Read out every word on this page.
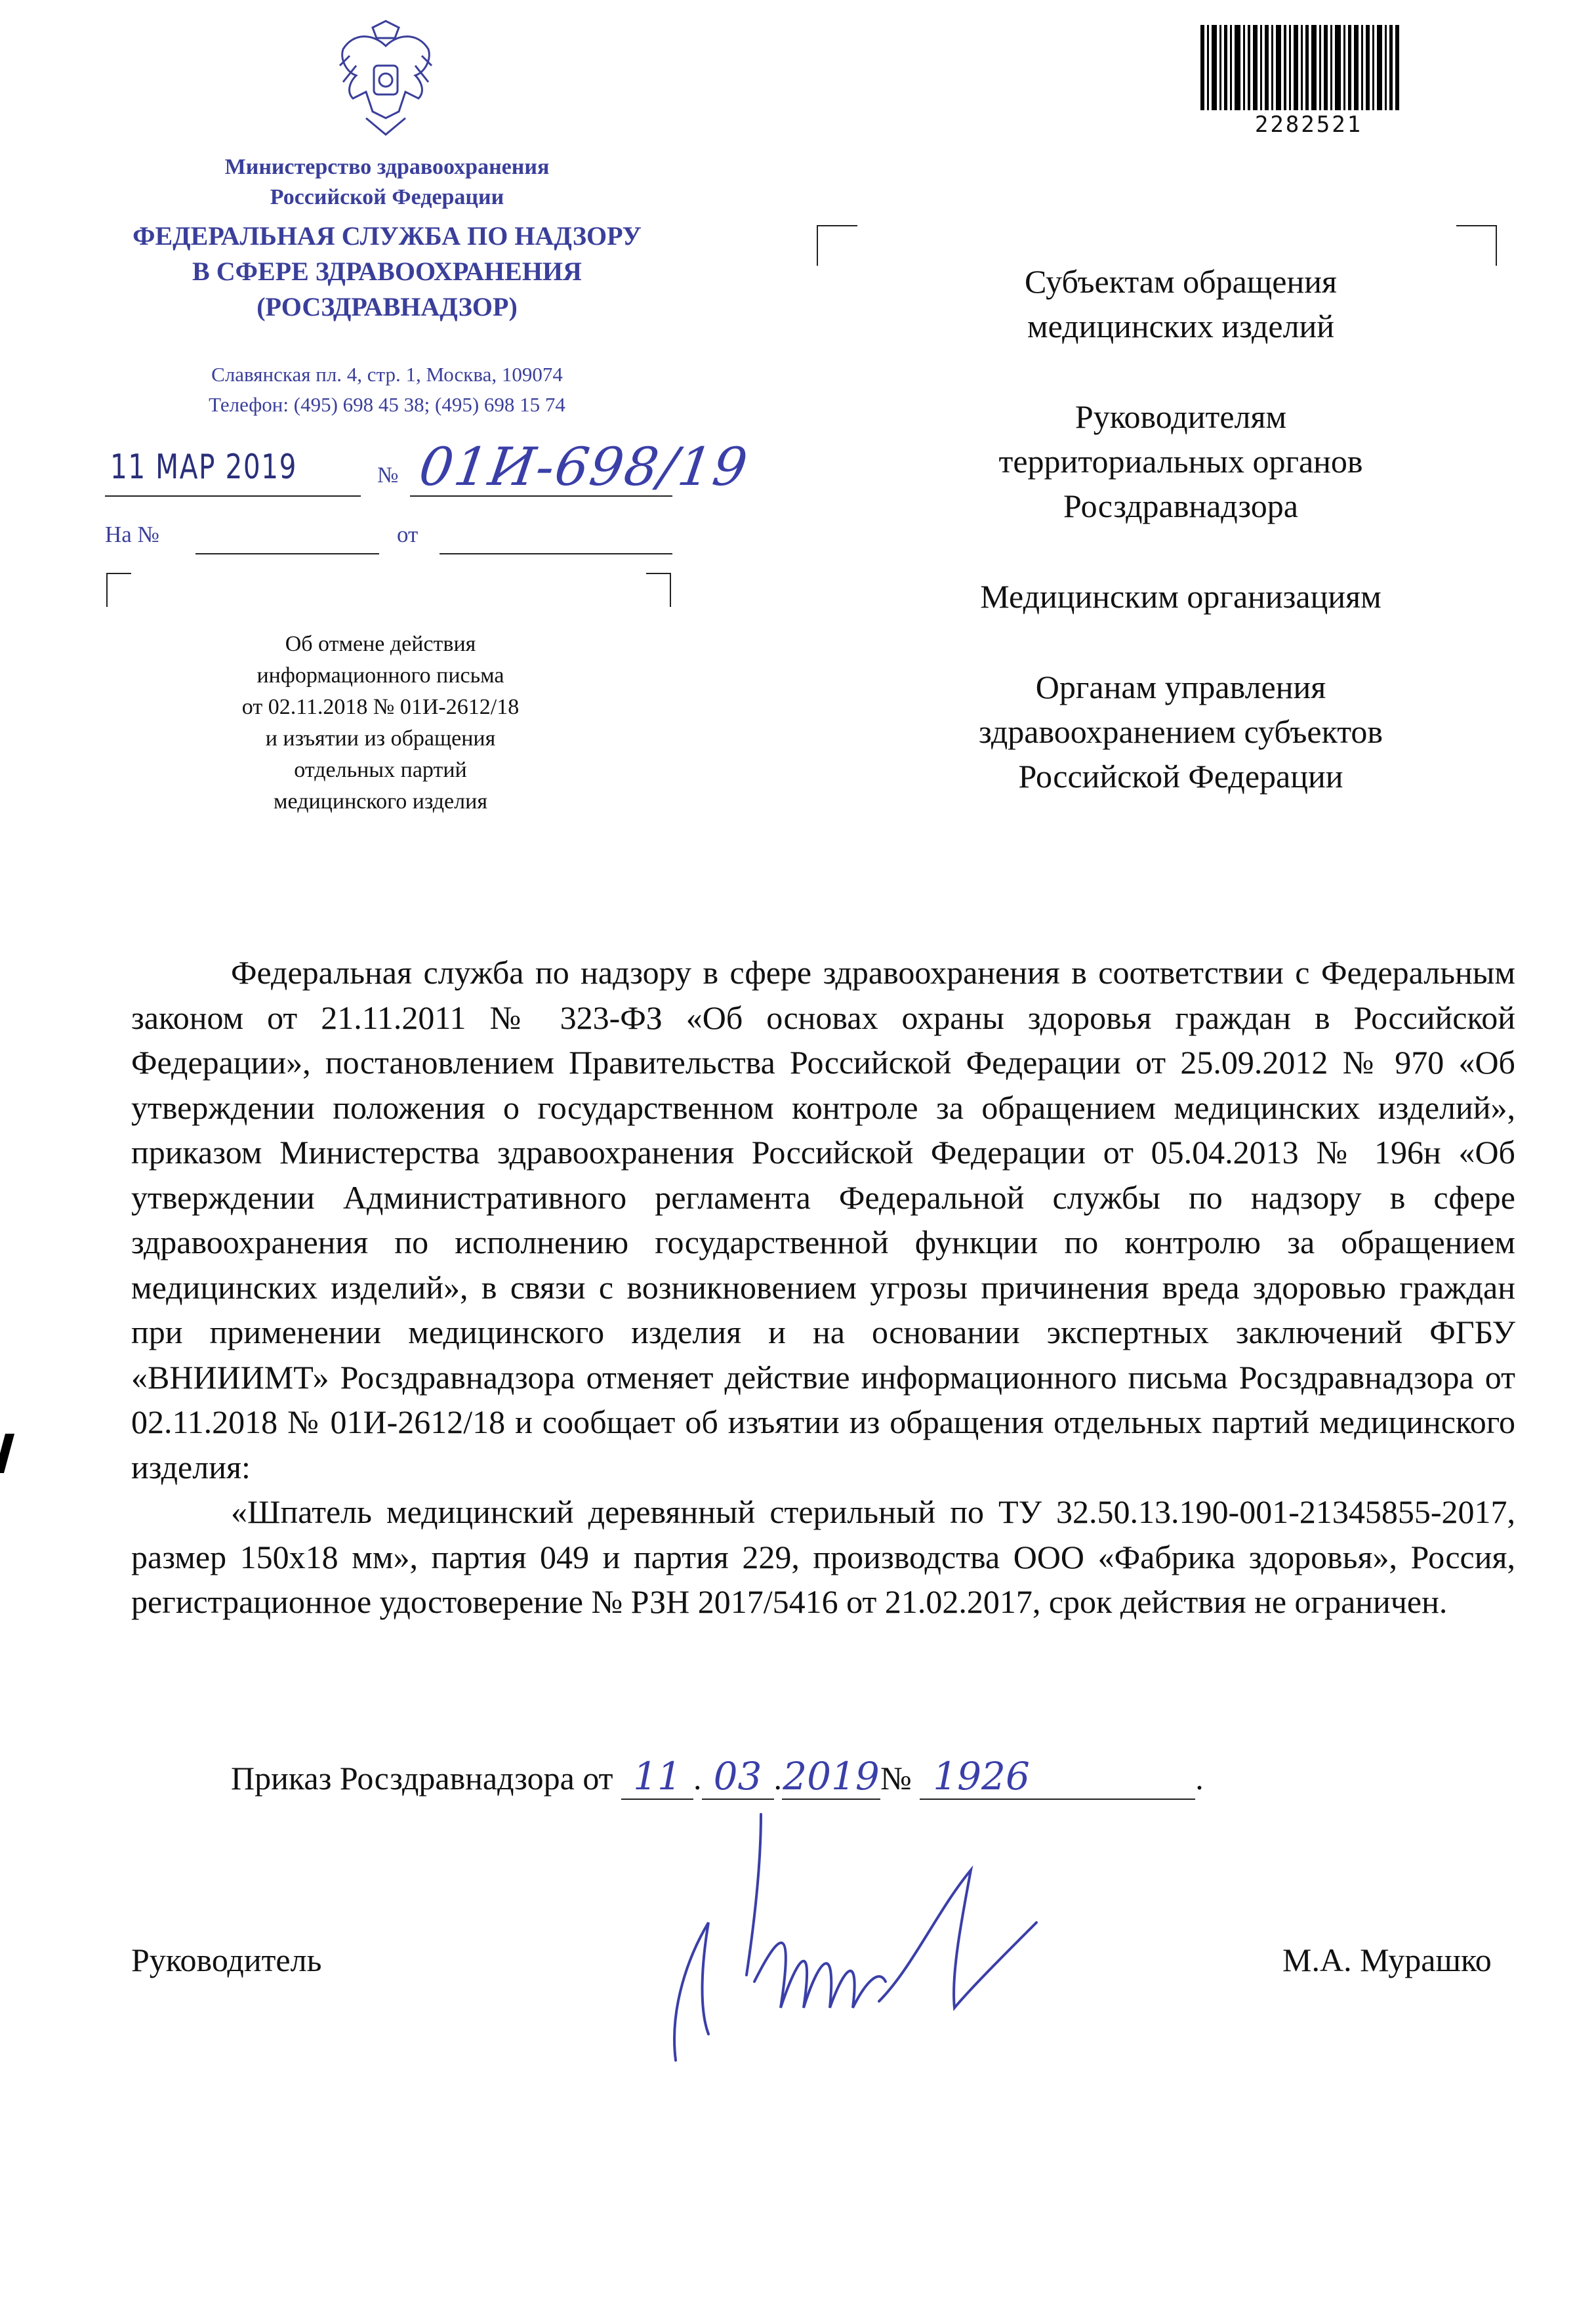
Министерство здравоохранения
Российской Федерации
ФЕДЕРАЛЬНАЯ СЛУЖБА ПО НАДЗОРУ
В СФЕРЕ ЗДРАВООХРАНЕНИЯ
(РОСЗДРАВНАДЗОР)
Славянская пл. 4, стр. 1, Москва, 109074
Телефон: (495) 698 45 38; (495) 698 15 74
11 МАР 2019	№ 01И-698/19
На №	от
Об отмене действия
информационного письма
от 02.11.2018 № 01И-2612/18
и изъятии из обращения
отдельных партий
медицинского изделия
2282521

Субъектам обращения
медицинских изделий

Руководителям
территориальных органов
Росздравнадзора

Медицинским организациям

Органам управления
здравоохранением субъектов
Российской Федерации

Федеральная служба по надзору в сфере здравоохранения в соответствии с Федеральным законом от 21.11.2011 № 323-ФЗ «Об основах охраны здоровья граждан в Российской Федерации», постановлением Правительства Российской Федерации от 25.09.2012 № 970 «Об утверждении положения о государственном контроле за обращением медицинских изделий», приказом Министерства здравоохранения Российской Федерации от 05.04.2013 № 196н «Об утверждении Административного регламента Федеральной службы по надзору в сфере здравоохранения по исполнению государственной функции по контролю за обращением медицинских изделий», в связи с возникновением угрозы причинения вреда здоровью граждан при применении медицинского изделия и на основании экспертных заключений ФГБУ «ВНИИИМТ» Росздравнадзора отменяет действие информационного письма Росздравнадзора от 02.11.2018 № 01И-2612/18 и сообщает об изъятии из обращения отдельных партий медицинского изделия:

«Шпатель медицинский деревянный стерильный по ТУ 32.50.13.190-001-21345855-2017, размер 150х18 мм», партия 049 и партия 229, производства ООО «Фабрика здоровья», Россия, регистрационное удостоверение № РЗН 2017/5416 от 21.02.2017, срок действия не ограничен.

Приказ Росздравнадзора от 11 . 03 .2019№ 1926	.
Руководитель	М.А. Мурашко
